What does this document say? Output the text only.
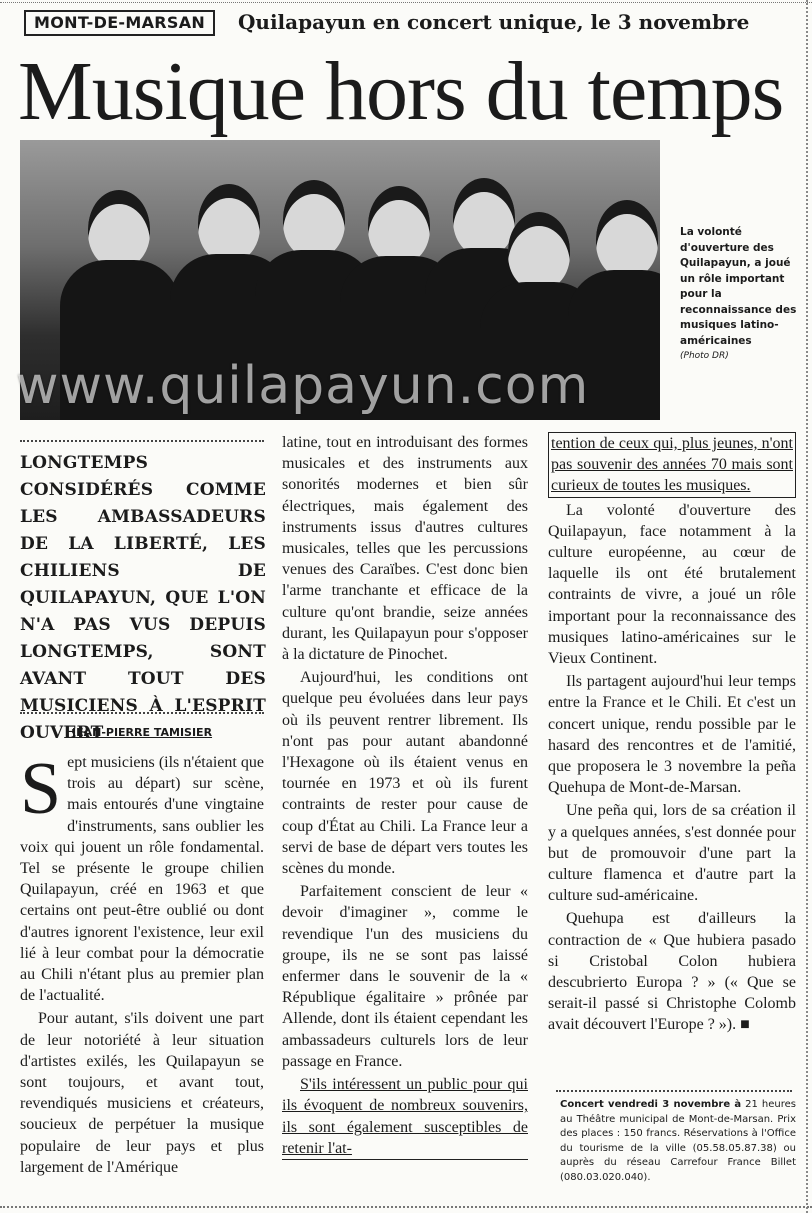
MONT-DE-MARSAN	Quilapayun en concert unique, le 3 novembre
Musique hors du temps
www.quilapayun.com
La volonté d'ouverture des Quilapayun, a joué un rôle important pour la reconnaissance des musiques latino-américaines
(Photo DR)
LONGTEMPS CONSIDÉRÉS COMME LES AMBASSADEURS DE LA LIBERTÉ, LES CHILIENS DE QUILAPAYUN, QUE L'ON N'A PAS VUS DEPUIS LONGTEMPS, SONT AVANT TOUT DES MUSICIENS À L'ESPRIT OUVERT
JEAN-PIERRE TAMISIER

Sept musiciens (ils n'étaient que trois au départ) sur scène, mais entourés d'une vingtaine d'instruments, sans oublier les voix qui jouent un rôle fondamental. Tel se présente le groupe chilien Quilapayun, créé en 1963 et que certains ont peut-être oublié ou dont d'autres ignorent l'existence, leur exil lié à leur combat pour la démocratie au Chili n'étant plus au premier plan de l'actualité.

Pour autant, s'ils doivent une part de leur notoriété à leur situation d'artistes exilés, les Quilapayun se sont toujours, et avant tout, revendiqués musiciens et créateurs, soucieux de perpétuer la musique populaire de leur pays et plus largement de l'Amérique

latine, tout en introduisant des formes musicales et des instruments aux sonorités modernes et bien sûr électriques, mais également des instruments issus d'autres cultures musicales, telles que les percussions venues des Caraïbes. C'est donc bien l'arme tranchante et efficace de la culture qu'ont brandie, seize années durant, les Quilapayun pour s'opposer à la dictature de Pinochet.

Aujourd'hui, les conditions ont quelque peu évoluées dans leur pays où ils peuvent rentrer librement. Ils n'ont pas pour autant abandonné l'Hexagone où ils étaient venus en tournée en 1973 et où ils furent contraints de rester pour cause de coup d'État au Chili. La France leur a servi de base de départ vers toutes les scènes du monde.

Parfaitement conscient de leur « devoir d'imaginer », comme le revendique l'un des musiciens du groupe, ils ne se sont pas laissé enfermer dans le souvenir de la « République égalitaire » prônée par Allende, dont ils étaient cependant les ambassadeurs culturels lors de leur passage en France.

S'ils intéressent un public pour qui ils évoquent de nombreux souvenirs, ils sont également susceptibles de retenir l'at-

tention de ceux qui, plus jeunes, n'ont pas souvenir des années 70 mais sont curieux de toutes les musiques.

La volonté d'ouverture des Quilapayun, face notamment à la culture européenne, au cœur de laquelle ils ont été brutalement contraints de vivre, a joué un rôle important pour la reconnaissance des musiques latino-américaines sur le Vieux Continent.

Ils partagent aujourd'hui leur temps entre la France et le Chili. Et c'est un concert unique, rendu possible par le hasard des rencontres et de l'amitié, que proposera le 3 novembre la peña Quehupa de Mont-de-Marsan.

Une peña qui, lors de sa création il y a quelques années, s'est donnée pour but de promouvoir d'une part la culture flamenca et d'autre part la culture sud-américaine.

Quehupa est d'ailleurs la contraction de « Que hubiera pasado si Cristobal Colon hubiera descubrierto Europa ? » (« Que se serait-il passé si Christophe Colomb avait découvert l'Europe ? »). ■

Concert vendredi 3 novembre à 21 heures au Théâtre municipal de Mont-de-Marsan. Prix des places : 150 francs. Réservations à l'Office du tourisme de la ville (05.58.05.87.38) ou auprès du réseau Carrefour France Billet (080.03.020.040).
